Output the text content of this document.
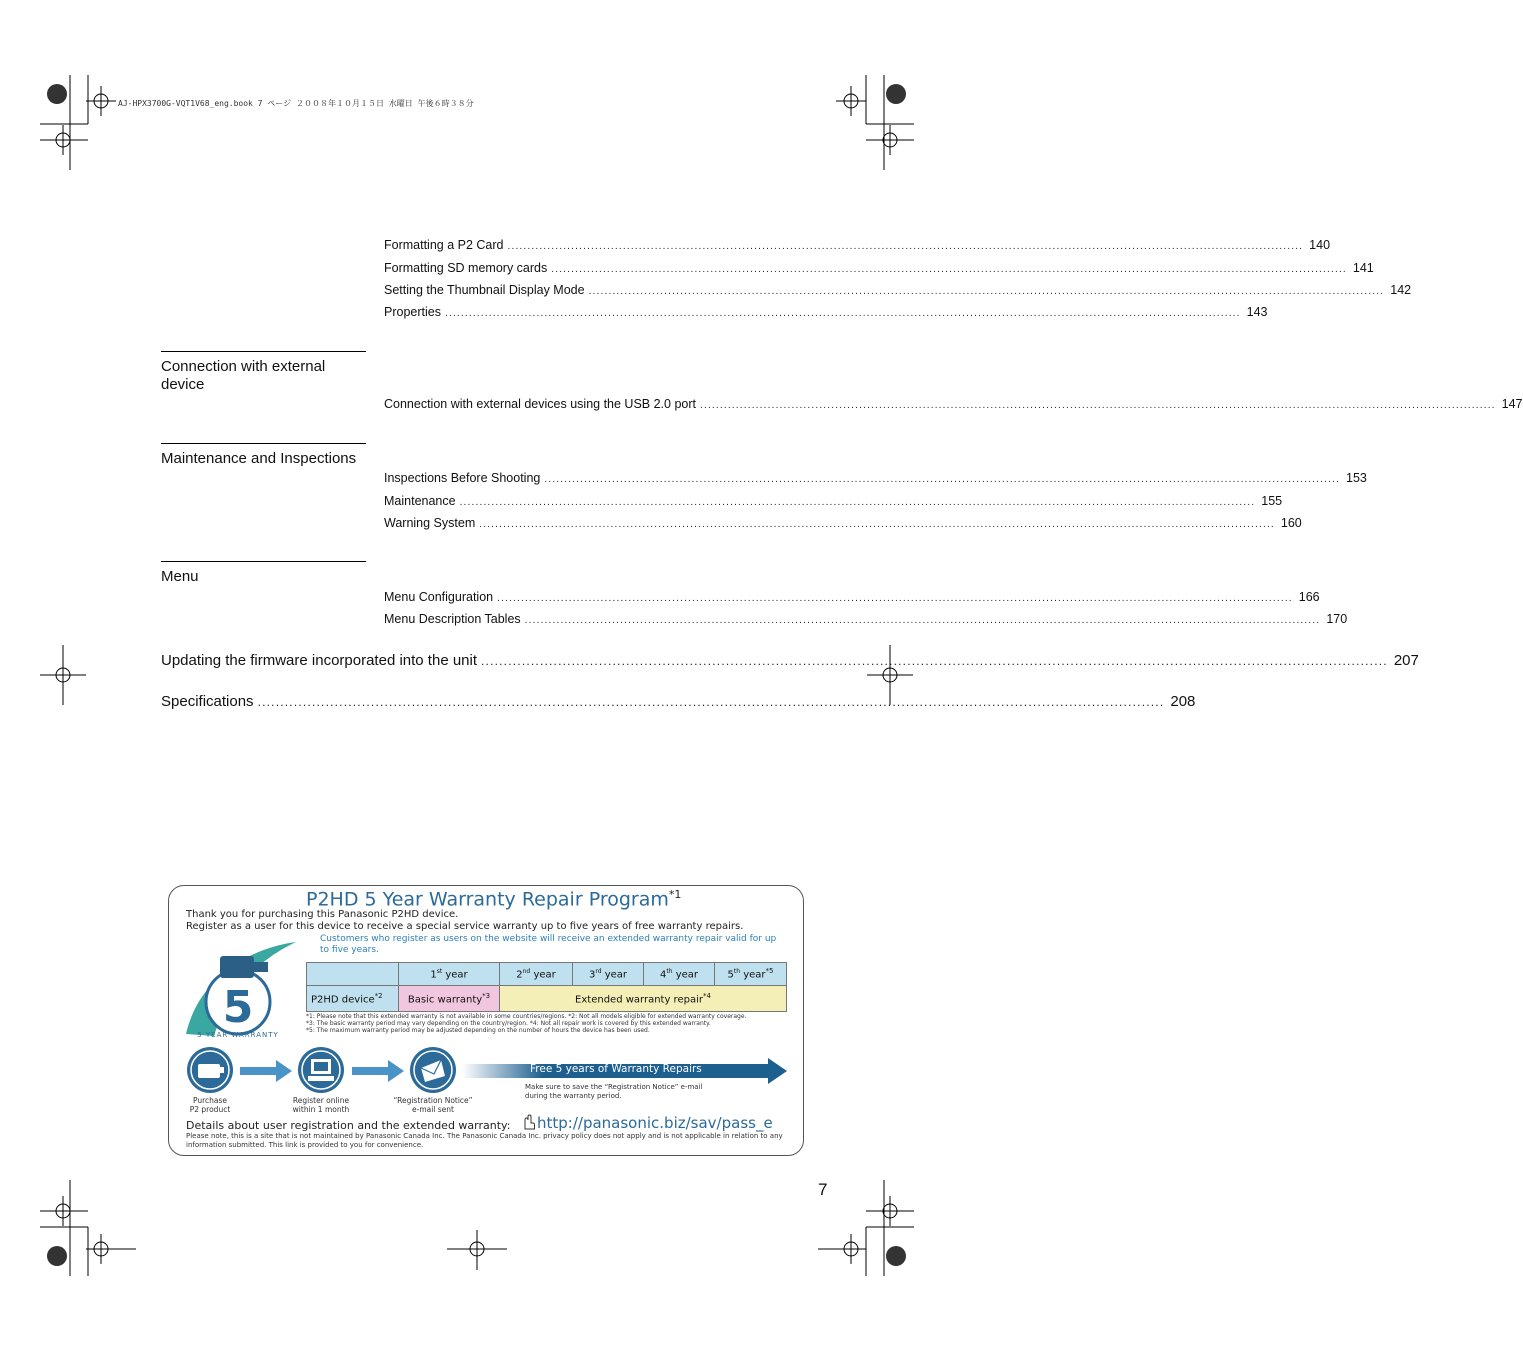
AJ-HPX3700G-VQT1V68_eng.book 7 ページ ２００８年１０月１５日 水曜日 午後６時３８分
Formatting a P2 Card ........................................................................................................................................................................................................ 140
Formatting SD memory cards ........................................................................................................................................................................................................ 141
Setting the Thumbnail Display Mode ........................................................................................................................................................................................................ 142
Properties ........................................................................................................................................................................................................ 143
Connection with external device
Connection with external devices using the USB 2.0 port ........................................................................................................................................................................................................ 147
Maintenance and Inspections
Inspections Before Shooting ........................................................................................................................................................................................................ 153
Maintenance ........................................................................................................................................................................................................ 155
Warning System ........................................................................................................................................................................................................ 160
Menu
Menu Configuration ........................................................................................................................................................................................................ 166
Menu Description Tables ........................................................................................................................................................................................................ 170
Updating the firmware incorporated into the unit ........................................................................................................................................................................................................ 207
Specifications ........................................................................................................................................................................................................ 208
P2HD 5 Year Warranty Repair Program$^{*1}$
Thank you for purchasing this Panasonic P2HD device.
Register as a user for this device to receive a special service warranty up to five years of free warranty repairs.
Customers who register as users on the website will receive an extended warranty repair valid for up to five years.
5
5 YEAR WARRANTY
	1st year	2nd year	3rd year	4th year	5th year$^{*5}$
P2HD device$^{*2}$	Basic warranty$^{*3}$	Extended warranty repair$^{*4}$
*1: Please note that this extended warranty is not available in some countries/regions. *2: Not all models eligible for extended warranty coverage.
*3: The basic warranty period may vary depending on the country/region. *4: Not all repair work is covered by this extended warranty.
*5: The maximum warranty period may be adjusted depending on the number of hours the device has been used.
Purchase
P2 product
Register online
within 1 month
“Registration Notice”
e-mail sent
Free 5 years of Warranty Repairs
Make sure to save the “Registration Notice” e-mail
during the warranty period.
Details about user registration and the extended warranty: http://panasonic.biz/sav/pass_e
Please note, this is a site that is not maintained by Panasonic Canada Inc. The Panasonic Canada Inc. privacy policy does not apply and is not applicable in relation to any
information submitted. This link is provided to you for convenience.
7
